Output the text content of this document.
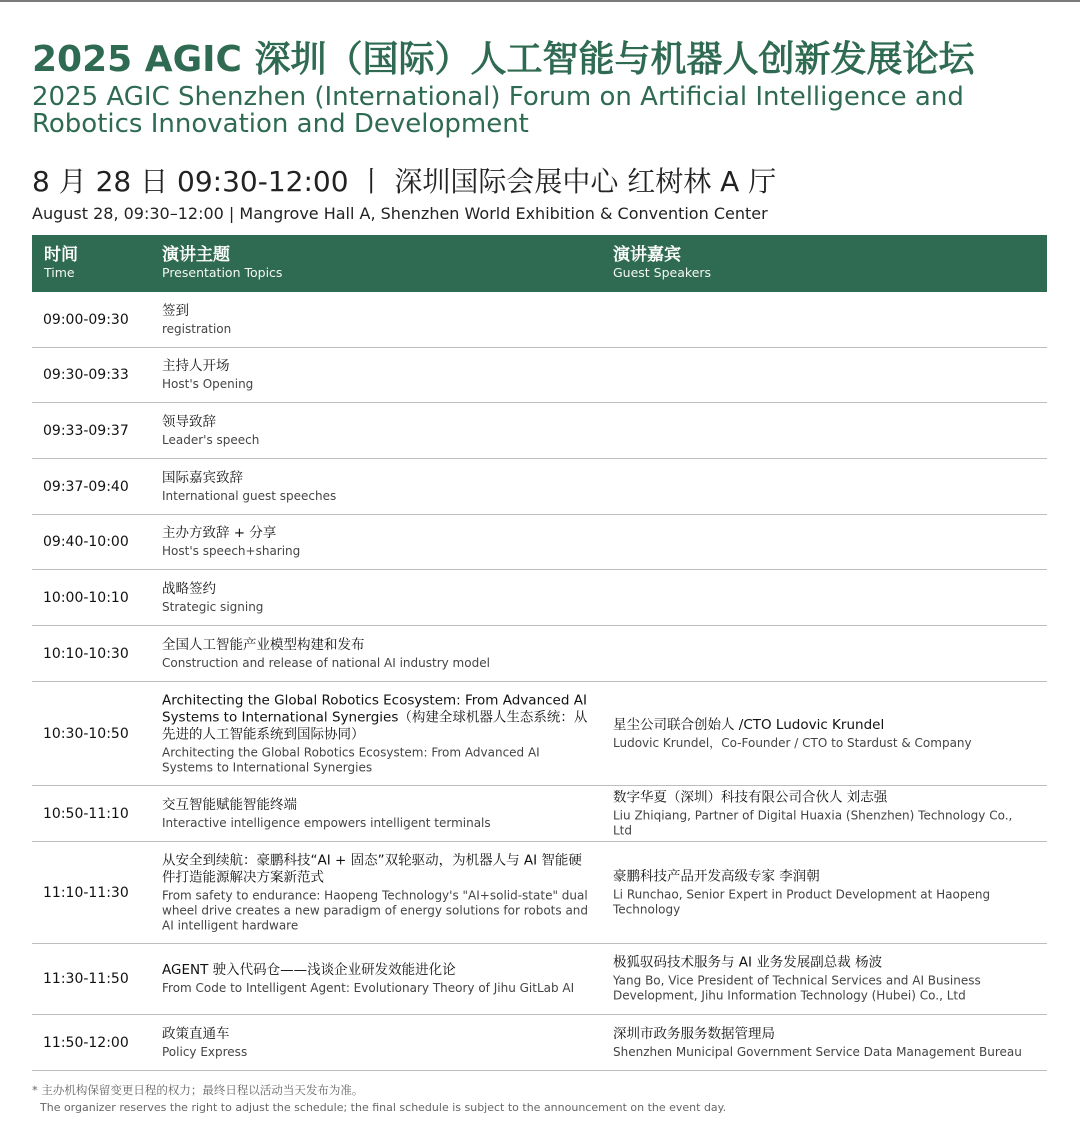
2025 AGIC 深圳（国际）人工智能与机器人创新发展论坛
2025 AGIC Shenzhen (International) Forum on Artificial Intelligence and Robotics Innovation and Development
8 月 28 日 09:30-12:00 丨 深圳国际会展中心 红树林 A 厅
August 28, 09:30–12:00 | Mangrove Hall A, Shenzhen World Exhibition & Convention Center
时间
Time
演讲主题
Presentation Topics
演讲嘉宾
Guest Speakers
09:00-09:30
签到
registration
09:30-09:33
主持人开场
Host's Opening
09:33-09:37
领导致辞
Leader's speech
09:37-09:40
国际嘉宾致辞
International guest speeches
09:40-10:00
主办方致辞 + 分享
Host's speech+sharing
10:00-10:10
战略签约
Strategic signing
10:10-10:30
全国人工智能产业模型构建和发布
Construction and release of national AI industry model
10:30-10:50
Architecting the Global Robotics Ecosystem: From Advanced AI Systems to International Synergies（构建全球机器人生态系统：从先进的人工智能系统到国际协同）
Architecting the Global Robotics Ecosystem: From Advanced AI Systems to International Synergies
星尘公司联合创始人 /CTO Ludovic Krundel
Ludovic Krundel，Co-Founder / CTO to Stardust & Company
10:50-11:10
交互智能赋能智能终端
Interactive intelligence empowers intelligent terminals
数字华夏（深圳）科技有限公司合伙人 刘志强
Liu Zhiqiang, Partner of Digital Huaxia (Shenzhen) Technology Co., Ltd
11:10-11:30
从安全到续航：豪鹏科技“AI + 固态”双轮驱动，为机器人与 AI 智能硬件打造能源解决方案新范式
From safety to endurance: Haopeng Technology's "AI+solid-state" dual wheel drive creates a new paradigm of energy solutions for robots and AI intelligent hardware
豪鹏科技产品开发高级专家 李润朝
Li Runchao, Senior Expert in Product Development at Haopeng Technology
11:30-11:50
AGENT 驶入代码仓——浅谈企业研发效能进化论
From Code to Intelligent Agent: Evolutionary Theory of Jihu GitLab AI
极狐驭码技术服务与 AI 业务发展副总裁 杨波
Yang Bo, Vice President of Technical Services and AI Business Development, Jihu Information Technology (Hubei) Co., Ltd
11:50-12:00
政策直通车
Policy Express
深圳市政务服务数据管理局
Shenzhen Municipal Government Service Data Management Bureau
* 主办机构保留变更日程的权力；最终日程以活动当天发布为准。
The organizer reserves the right to adjust the schedule; the final schedule is subject to the announcement on the event day.
